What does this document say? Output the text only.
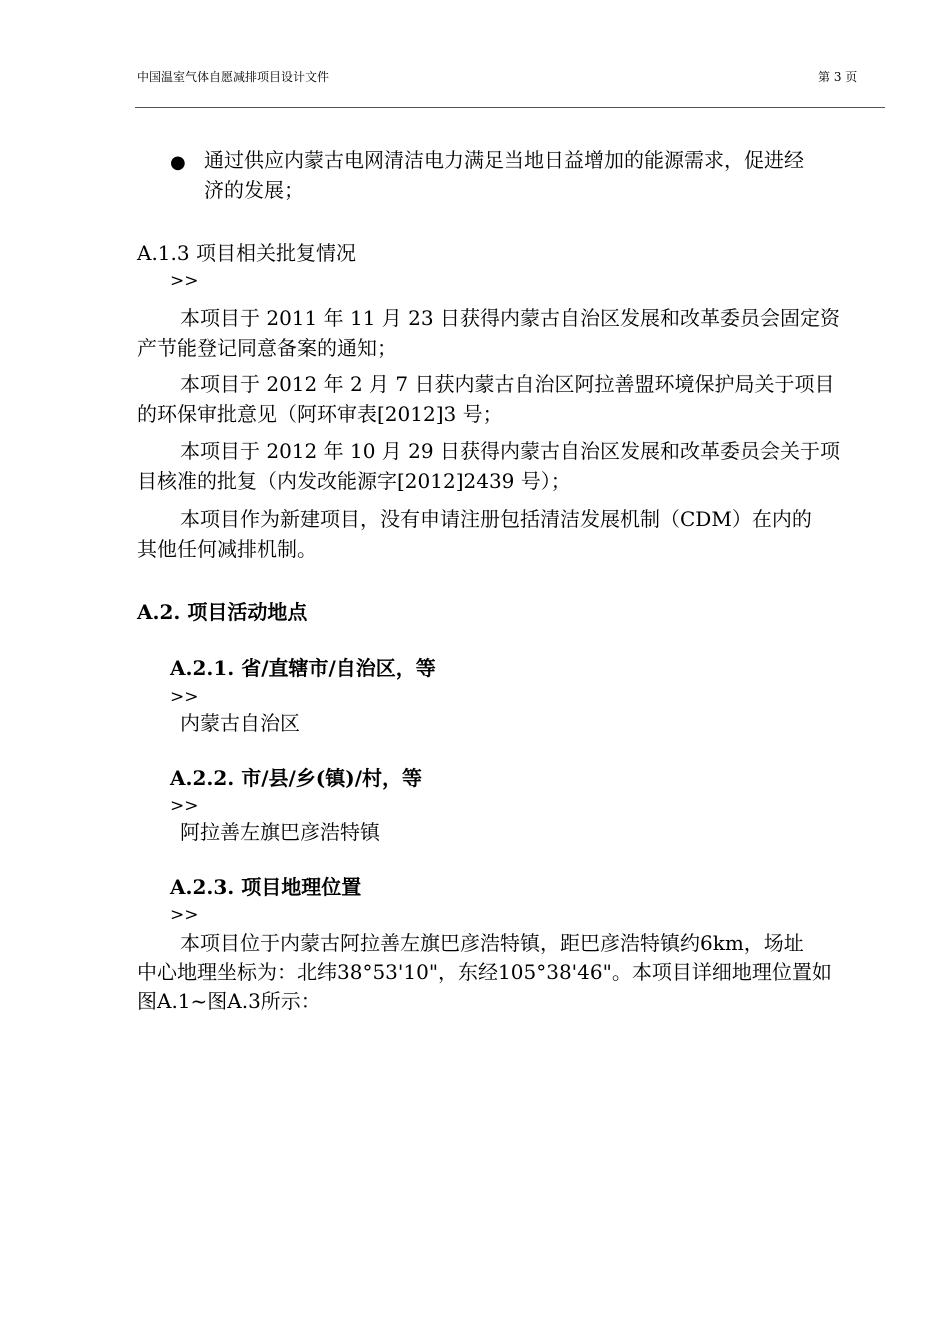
中国温室气体自愿减排项目设计文件	第 3 页
● 通过供应内蒙古电网清洁电力满足当地日益增加的能源需求，促进经
济的发展；
A.1.3 项目相关批复情况
>>
本项目于 2011 年 11 月 23 日获得内蒙古自治区发展和改革委员会固定资
产节能登记同意备案的通知；
本项目于 2012 年 2 月 7 日获内蒙古自治区阿拉善盟环境保护局关于项目
的环保审批意见（阿环审表[2012]3 号；
本项目于 2012 年 10 月 29 日获得内蒙古自治区发展和改革委员会关于项
目核准的批复（内发改能源字[2012]2439 号）；
本项目作为新建项目，没有申请注册包括清洁发展机制（CDM）在内的
其他任何减排机制。
A.2. 项目活动地点
A.2.1. 省/直辖市/自治区，等
>>
内蒙古自治区
A.2.2. 市/县/乡(镇)/村，等
>>
阿拉善左旗巴彦浩特镇
A.2.3. 项目地理位置
>>
本项目位于内蒙古阿拉善左旗巴彦浩特镇，距巴彦浩特镇约6km，场址
中心地理坐标为：北纬38°53'10"，东经105°38'46"。本项目详细地理位置如
图A.1~图A.3所示：
